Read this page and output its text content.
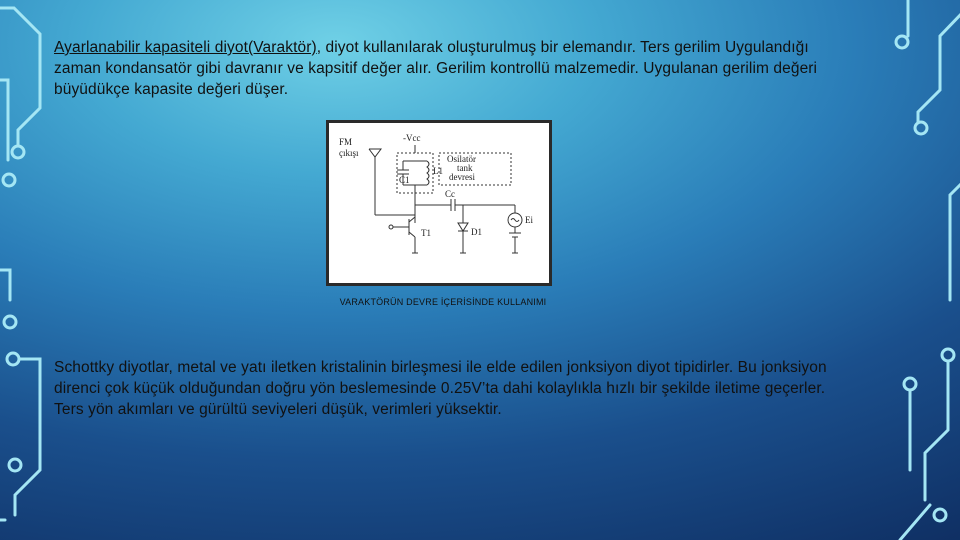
Ayarlanabilir kapasiteli diyot(Varaktör), diyot kullanılarak oluşturulmuş bir elemandır. Ters gerilim Uygulandığı zaman kondansatör gibi davranır ve kapsitif değer alır. Gerilim kontrollü malzemedir. Uygulanan gerilim değeri büyüdükçe kapasite değeri düşer.

-Vcc
FM
çıkışı
C1
L1
Osilatör
tank
devresi
Cc
Ei
T1	D1
VARAKTÖRÜN DEVRE İÇERİSİNDE KULLANIMI

Schottky diyotlar, metal ve yatı iletken kristalinin birleşmesi ile elde edilen jonksiyon diyot tipidirler. Bu jonksiyon direnci çok küçük olduğundan doğru yön beslemesinde 0.25V’ta dahi kolaylıkla hızlı bir şekilde iletime geçerler. Ters yön akımları ve gürültü seviyeleri düşük, verimleri yüksektir.
